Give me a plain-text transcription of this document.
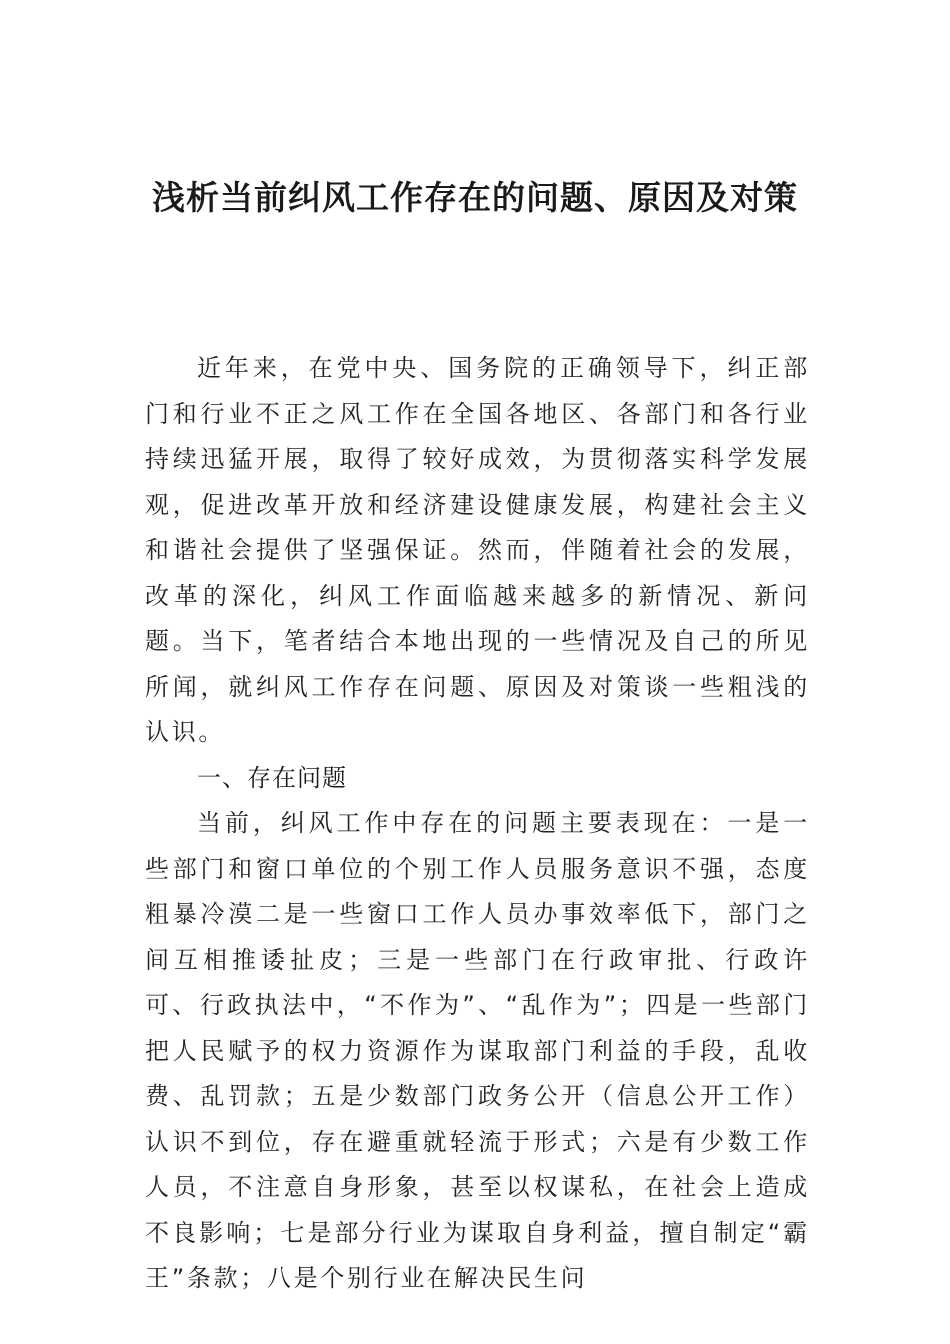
浅析当前纠风工作存在的问题、原因及对策

近年来，在党中央、国务院的正确领导下，纠正部门和行业不正之风工作在全国各地区、各部门和各行业持续迅猛开展，取得了较好成效，为贯彻落实科学发展观，促进改革开放和经济建设健康发展，构建社会主义和谐社会提供了坚强保证。然而，伴随着社会的发展，改革的深化，纠风工作面临越来越多的新情况、新问题。当下，笔者结合本地出现的一些情况及自己的所见所闻，就纠风工作存在问题、原因及对策谈一些粗浅的认识。

一、存在问题

当前，纠风工作中存在的问题主要表现在：一是一些部门和窗口单位的个别工作人员服务意识不强，态度粗暴冷漠二是一些窗口工作人员办事效率低下，部门之间互相推诿扯皮；三是一些部门在行政审批、行政许可、行政执法中，“不作为”、“乱作为”；四是一些部门把人民赋予的权力资源作为谋取部门利益的手段，乱收费、乱罚款；五是少数部门政务公开（信息公开工作）认识不到位，存在避重就轻流于形式；六是有少数工作人员，不注意自身形象，甚至以权谋私，在社会上造成不良影响；七是部分行业为谋取自身利益，擅自制定“霸王”条款；八是个别行业在解决民生问
